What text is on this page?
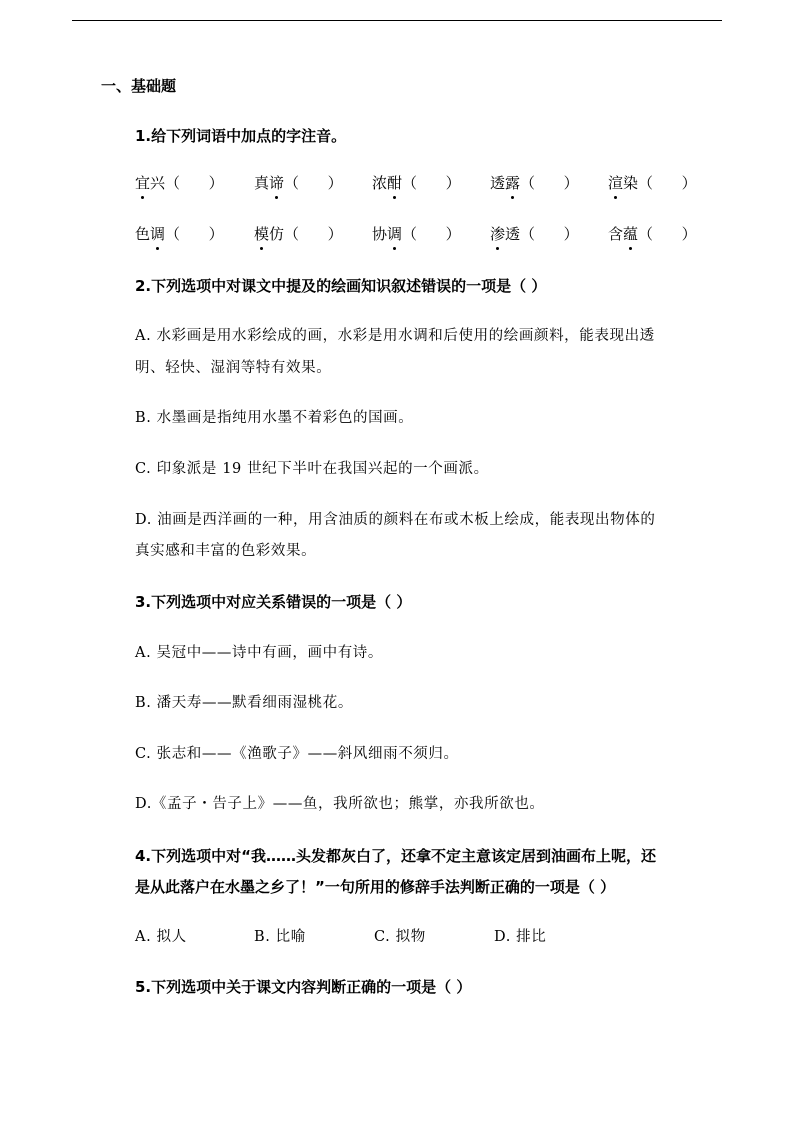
一、基础题
1.给下列词语中加点的字注音。
宜兴（      ） 真谛（      ） 浓酣（      ） 透露（      ） 渲染（      ）
色调（      ） 模仿（      ） 协调（      ） 渗透（      ） 含蕴（      ）
2.下列选项中对课文中提及的绘画知识叙述错误的一项是（ ）
A. 水彩画是用水彩绘成的画，水彩是用水调和后使用的绘画颜料，能表现出透
明、轻快、湿润等特有效果。
B. 水墨画是指纯用水墨不着彩色的国画。
C. 印象派是 19 世纪下半叶在我国兴起的一个画派。
D. 油画是西洋画的一种，用含油质的颜料在布或木板上绘成，能表现出物体的
真实感和丰富的色彩效果。
3.下列选项中对应关系错误的一项是（ ）
A. 吴冠中——诗中有画，画中有诗。
B. 潘天寿——默看细雨湿桃花。
C. 张志和——《渔歌子》——斜风细雨不须归。
D.《孟子・告子上》——鱼，我所欲也；熊掌，亦我所欲也。
4.下列选项中对“我……头发都灰白了，还拿不定主意该定居到油画布上呢，还
是从此落户在水墨之乡了！”一句所用的修辞手法判断正确的一项是（ ）
A. 拟人	B. 比喻	C. 拟物	D. 排比
5.下列选项中关于课文内容判断正确的一项是（ ）
